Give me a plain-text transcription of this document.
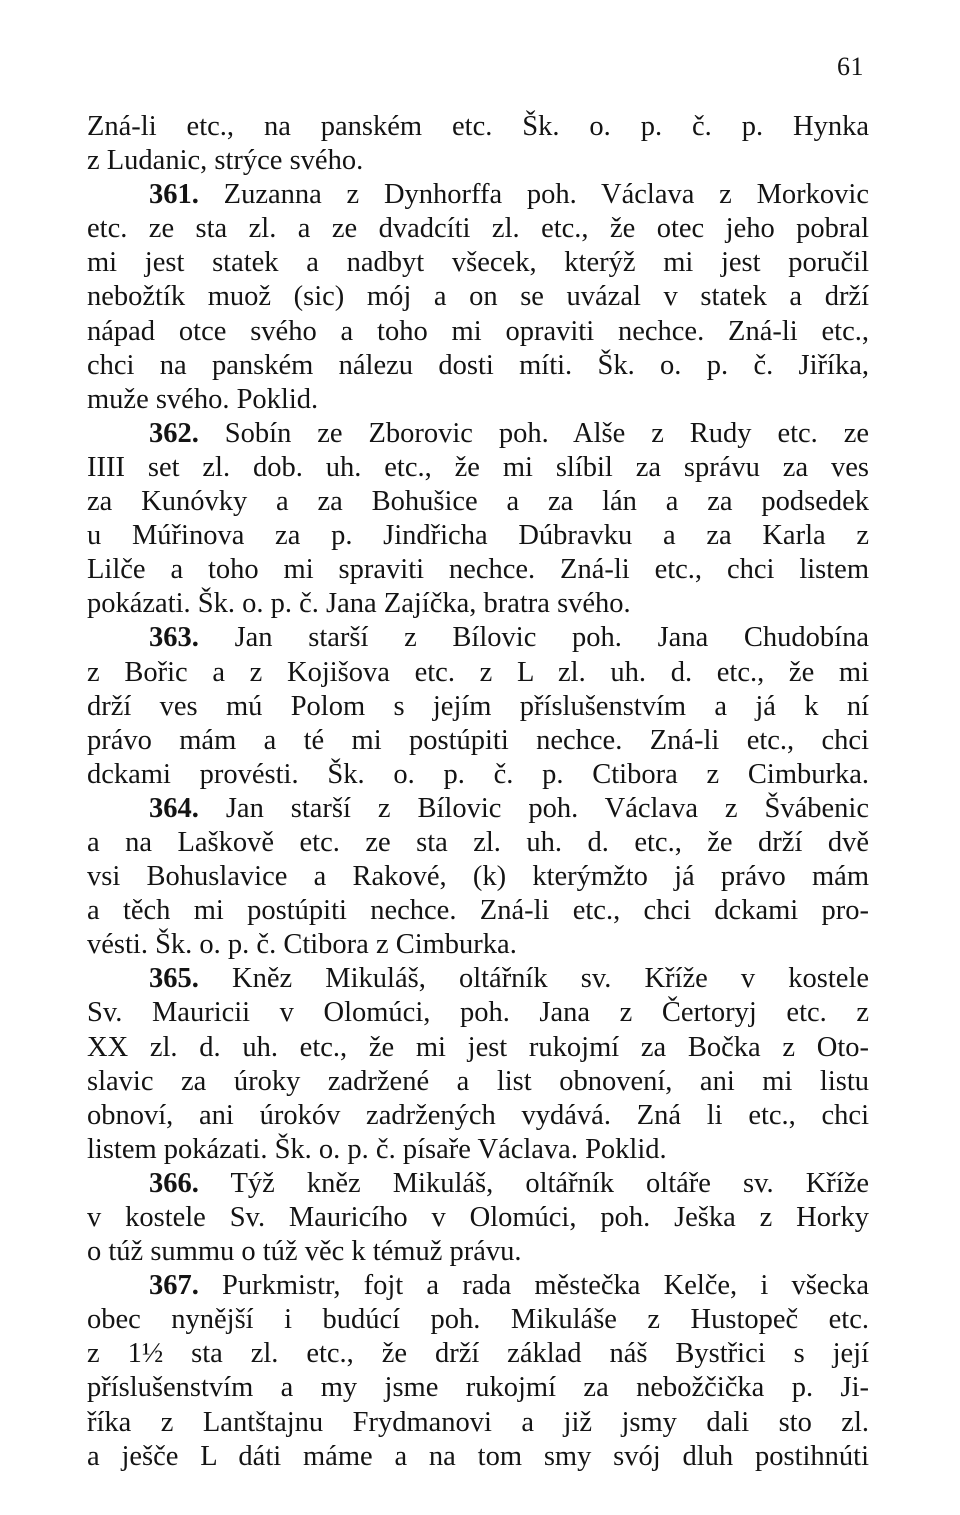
61
Zná-li etc., na panském etc. Šk. o. p. č. p. Hynka
z Ludanic, strýce svého.
361. Zuzanna z Dynhorffa poh. Václava z Morkovic
etc. ze sta zl. a ze dvadcíti zl. etc., že otec jeho pobral
mi jest statek a nadbyt všecek, kterýž mi jest poručil
nebožtík muož (sic) mój a on se uvázal v statek a drží
nápad otce svého a toho mi opraviti nechce. Zná-li etc.,
chci na panském nálezu dosti míti. Šk. o. p. č. Jiříka,
muže svého. Poklid.
362. Sobín ze Zborovic poh. Alše z Rudy etc. ze
IIII set zl. dob. uh. etc., že mi slíbil za správu za ves
za Kunóvky a za Bohušice a za lán a za podsedek
u Múřinova za p. Jindřicha Dúbravku a za Karla z
Lilče a toho mi spraviti nechce. Zná-li etc., chci listem
pokázati. Šk. o. p. č. Jana Zajíčka, bratra svého.
363. Jan starší z Bílovic poh. Jana Chudobína
z Bořic a z Kojišova etc. z L zl. uh. d. etc., že mi
drží ves mú Polom s jejím příslušenstvím a já k ní
právo mám a té mi postúpiti nechce. Zná-li etc., chci
dckami provésti. Šk. o. p. č. p. Ctibora z Cimburka.
364. Jan starší z Bílovic poh. Václava z Švábenic
a na Laškově etc. ze sta zl. uh. d. etc., že drží dvě
vsi Bohuslavice a Rakové, (k) kterýmžto já právo mám
a těch mi postúpiti nechce. Zná-li etc., chci dckami pro-
vésti. Šk. o. p. č. Ctibora z Cimburka.
365. Kněz Mikuláš, oltářník sv. Kříže v kostele
Sv. Mauricii v Olomúci, poh. Jana z Čertoryj etc. z
XX zl. d. uh. etc., že mi jest rukojmí za Bočka z Oto-
slavic za úroky zadržené a list obnovení, ani mi listu
obnoví, ani úrokóv zadržených vydává. Zná li etc., chci
listem pokázati. Šk. o. p. č. písaře Václava. Poklid.
366. Týž kněz Mikuláš, oltářník oltáře sv. Kříže
v kostele Sv. Mauricího v Olomúci, poh. Ješka z Horky
o túž summu o túž věc k témuž právu.
367. Purkmistr, fojt a rada městečka Kelče, i všecka
obec nynější i budúcí poh. Mikuláše z Hustopeč etc.
z 1½ sta zl. etc., že drží základ náš Bystřici s její
příslušenstvím a my jsme rukojmí za nebožčička p. Ji-
říka z Lantštajnu Frydmanovi a již jsmy dali sto zl.
a ješče L dáti máme a na tom smy svój dluh postihnúti
